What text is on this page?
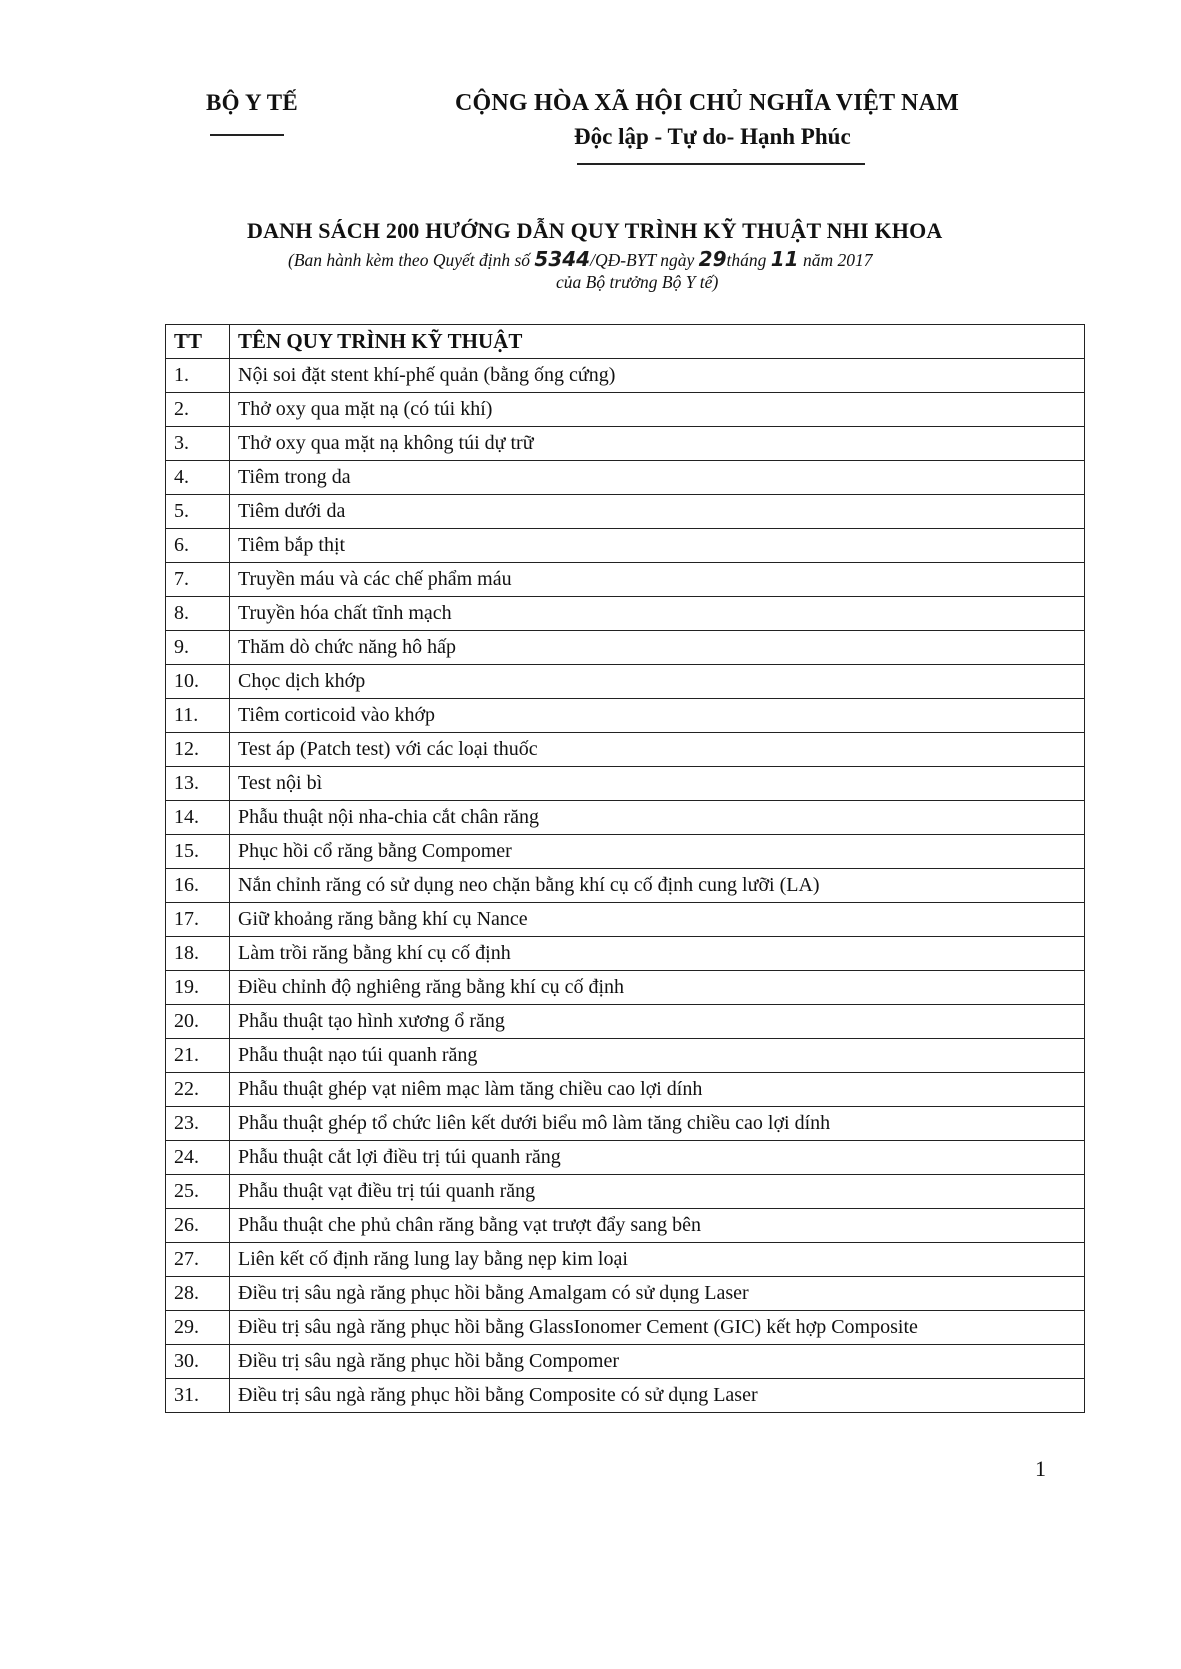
BỘ Y TẾ	CỘNG HÒA XÃ HỘI CHỦ NGHĨA VIỆT NAM
Độc lập - Tự do- Hạnh Phúc
DANH SÁCH 200 HƯỚNG DẪN QUY TRÌNH KỸ THUẬT NHI KHOA
(Ban hành kèm theo Quyết định số 5344/QĐ-BYT ngày 29tháng 11 năm 2017
của Bộ trưởng Bộ Y tế)
TT	TÊN QUY TRÌNH KỸ THUẬT
1.	Nội soi đặt stent khí-phế quản (bằng ống cứng)
2.	Thở oxy qua mặt nạ (có túi khí)
3.	Thở oxy qua mặt nạ không túi dự trữ
4.	Tiêm trong da
5.	Tiêm dưới da
6.	Tiêm bắp thịt
7.	Truyền máu và các chế phẩm máu
8.	Truyền hóa chất tĩnh mạch
9.	Thăm dò chức năng hô hấp
10.	Chọc dịch khớp
11.	Tiêm corticoid vào khớp
12.	Test áp (Patch test) với các loại thuốc
13.	Test nội bì
14.	Phẫu thuật nội nha-chia cắt chân răng
15.	Phục hồi cổ răng bằng Compomer
16.	Nắn chỉnh răng có sử dụng neo chặn bằng khí cụ cố định cung lưỡi (LA)
17.	Giữ khoảng răng bằng khí cụ Nance
18.	Làm trồi răng bằng khí cụ cố định
19.	Điều chỉnh độ nghiêng răng bằng khí cụ cố định
20.	Phẫu thuật tạo hình xương ổ răng
21.	Phẫu thuật nạo túi quanh răng
22.	Phẫu thuật ghép vạt niêm mạc làm tăng chiều cao lợi dính
23.	Phẫu thuật ghép tổ chức liên kết dưới biểu mô làm tăng chiều cao lợi dính
24.	Phẫu thuật cắt lợi điều trị túi quanh răng
25.	Phẫu thuật vạt điều trị túi quanh răng
26.	Phẫu thuật che phủ chân răng bằng vạt trượt đẩy sang bên
27.	Liên kết cố định răng lung lay bằng nẹp kim loại
28.	Điều trị sâu ngà răng phục hồi bằng Amalgam có sử dụng Laser
29.	Điều trị sâu ngà răng phục hồi bằng GlassIonomer Cement (GIC) kết hợp Composite
30.	Điều trị sâu ngà răng phục hồi bằng Compomer
31.	Điều trị sâu ngà răng phục hồi bằng Composite có sử dụng Laser
1
